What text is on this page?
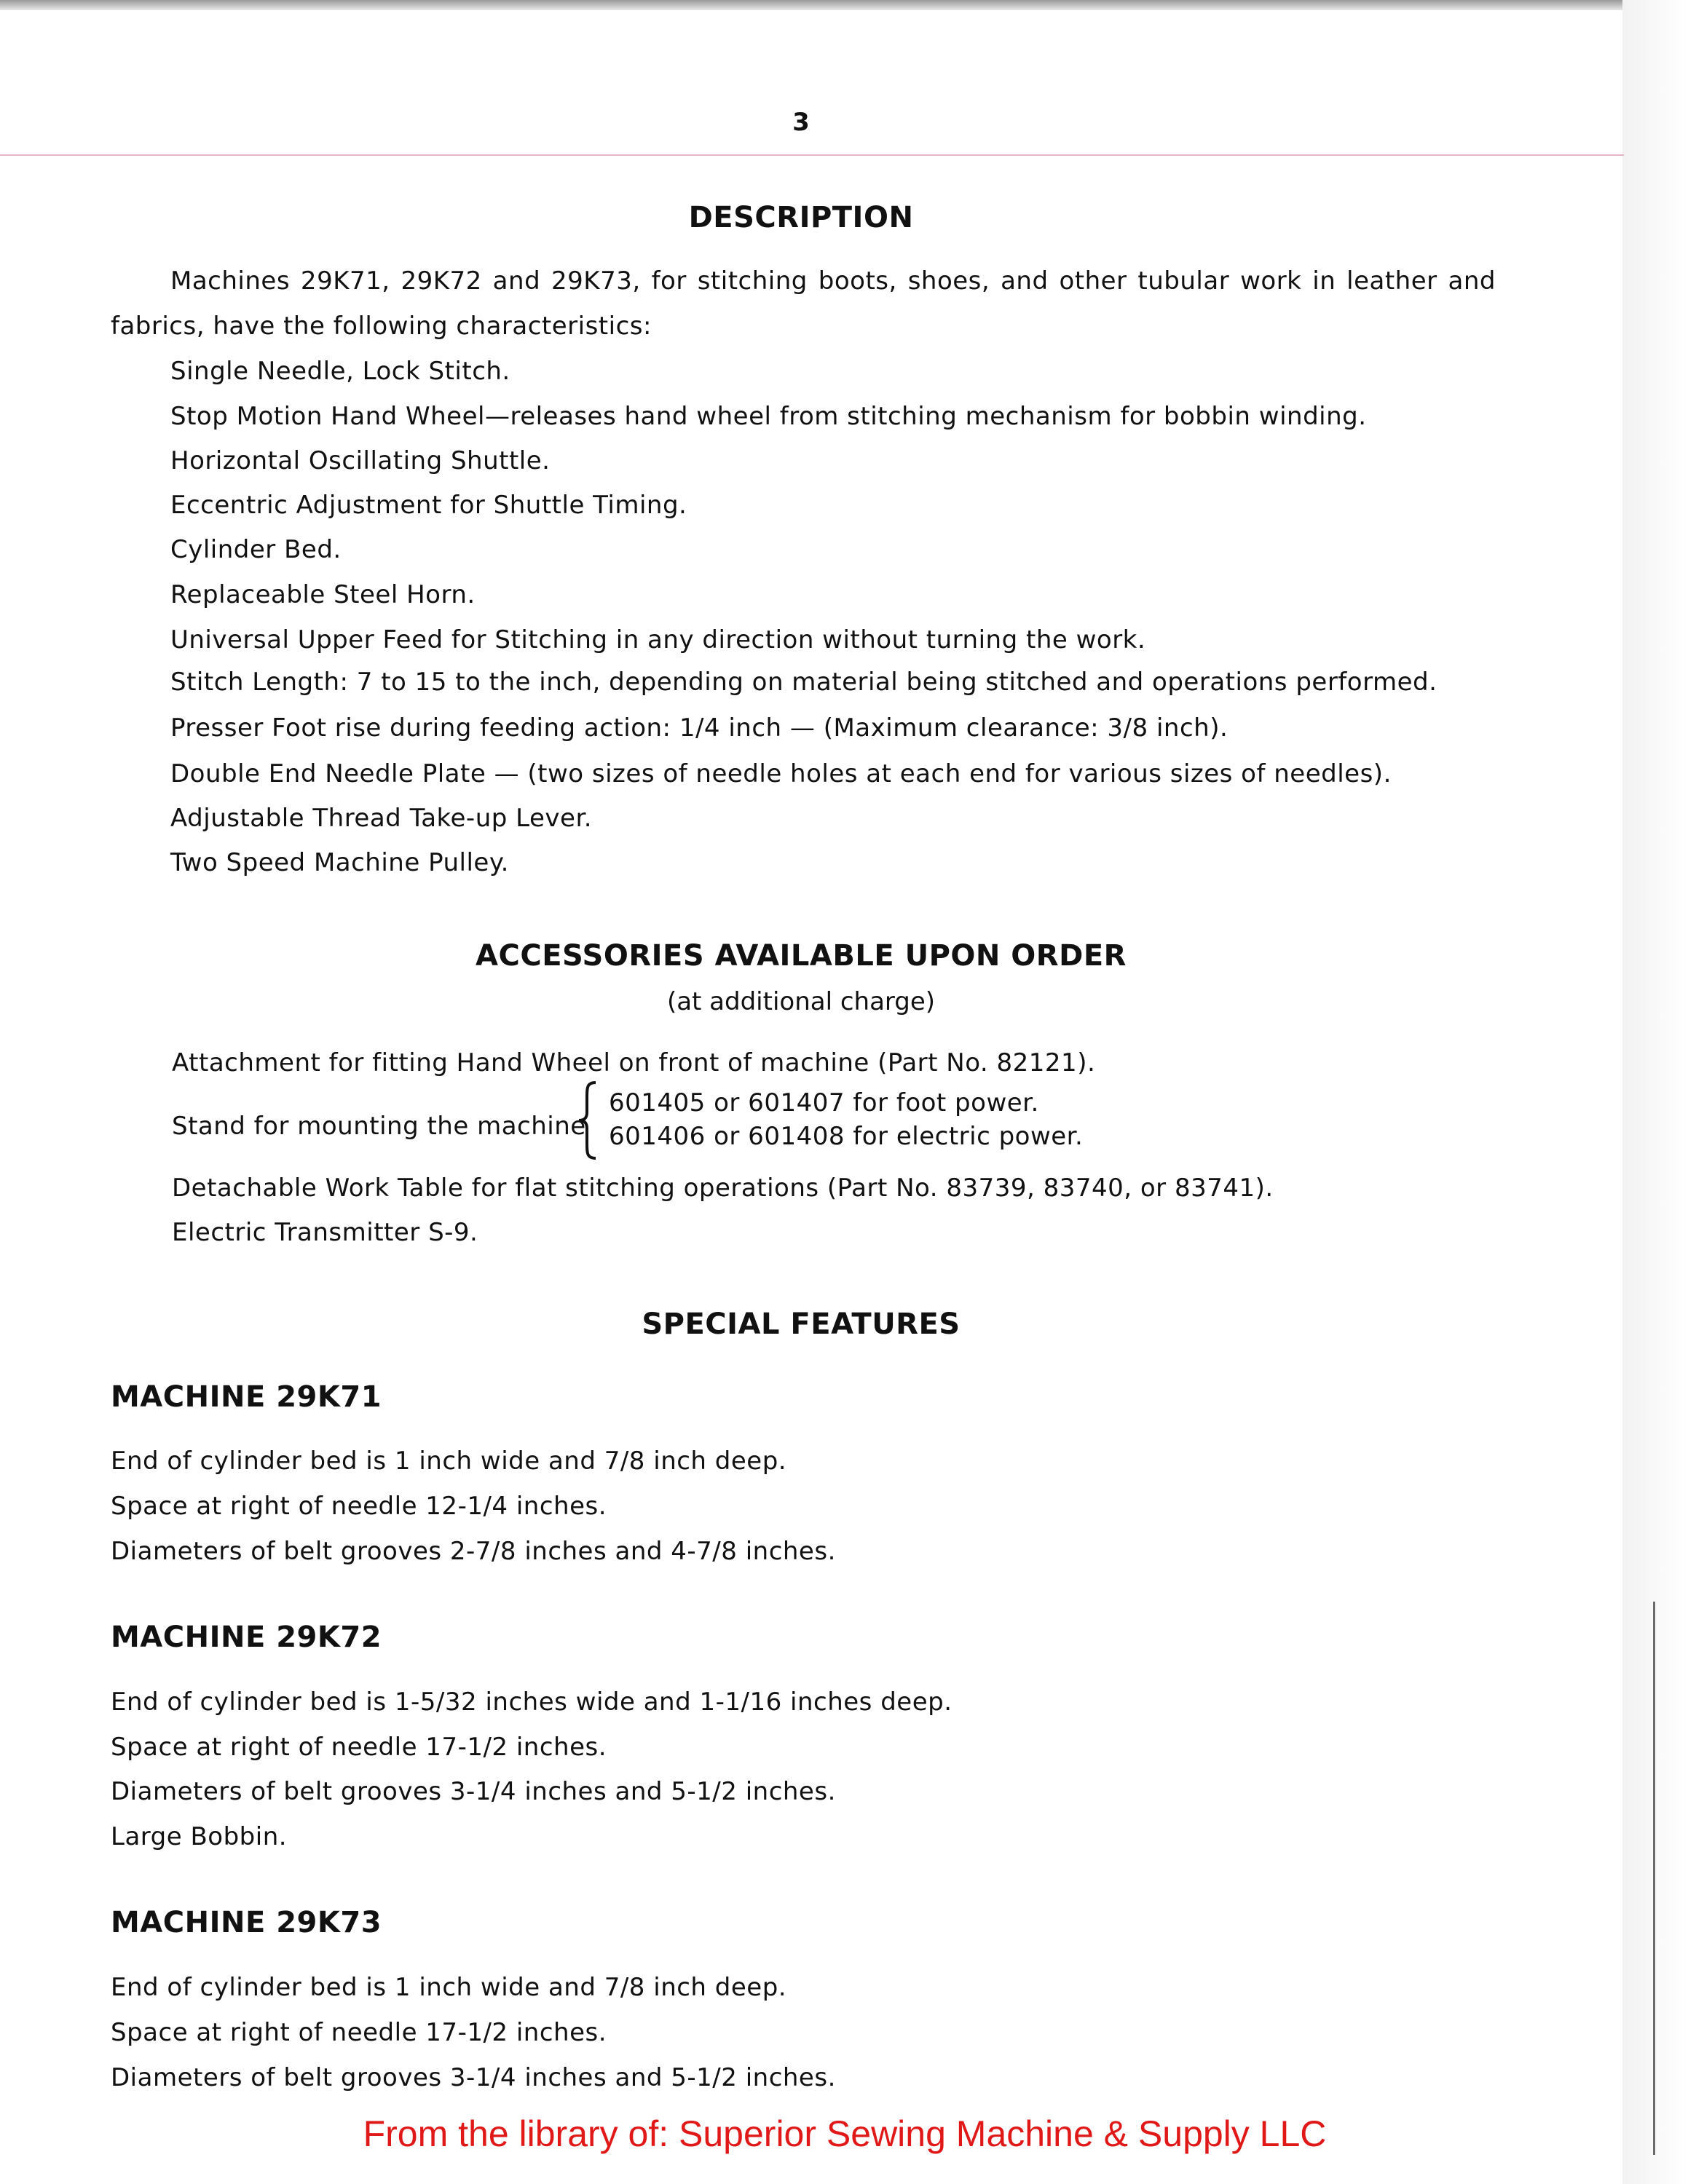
3
DESCRIPTION
Machines 29K71, 29K72 and 29K73, for stitching boots, shoes, and other tubular work in leather and
fabrics, have the following characteristics:
Single Needle, Lock Stitch.
Stop Motion Hand Wheel—releases hand wheel from stitching mechanism for bobbin winding.
Horizontal Oscillating Shuttle.
Eccentric Adjustment for Shuttle Timing.
Cylinder Bed.
Replaceable Steel Horn.
Universal Upper Feed for Stitching in any direction without turning the work.
Stitch Length: 7 to 15 to the inch, depending on material being stitched and operations performed.
Presser Foot rise during feeding action: 1/4 inch — (Maximum clearance: 3/8 inch).
Double End Needle Plate — (two sizes of needle holes at each end for various sizes of needles).
Adjustable Thread Take-up Lever.
Two Speed Machine Pulley.
ACCESSORIES AVAILABLE UPON ORDER
(at additional charge)
Attachment for fitting Hand Wheel on front of machine (Part No. 82121).
Stand for mounting the machine
601405 or 601407 for foot power.
601406 or 601408 for electric power.
Detachable Work Table for flat stitching operations (Part No. 83739, 83740, or 83741).
Electric Transmitter S-9.
SPECIAL FEATURES
MACHINE 29K71
End of cylinder bed is 1 inch wide and 7/8 inch deep.
Space at right of needle 12-1/4 inches.
Diameters of belt grooves 2-7/8 inches and 4-7/8 inches.
MACHINE 29K72
End of cylinder bed is 1-5/32 inches wide and 1-1/16 inches deep.
Space at right of needle 17-1/2 inches.
Diameters of belt grooves 3-1/4 inches and 5-1/2 inches.
Large Bobbin.
MACHINE 29K73
End of cylinder bed is 1 inch wide and 7/8 inch deep.
Space at right of needle 17-1/2 inches.
Diameters of belt grooves 3-1/4 inches and 5-1/2 inches.
From the library of: Superior Sewing Machine & Supply LLC
